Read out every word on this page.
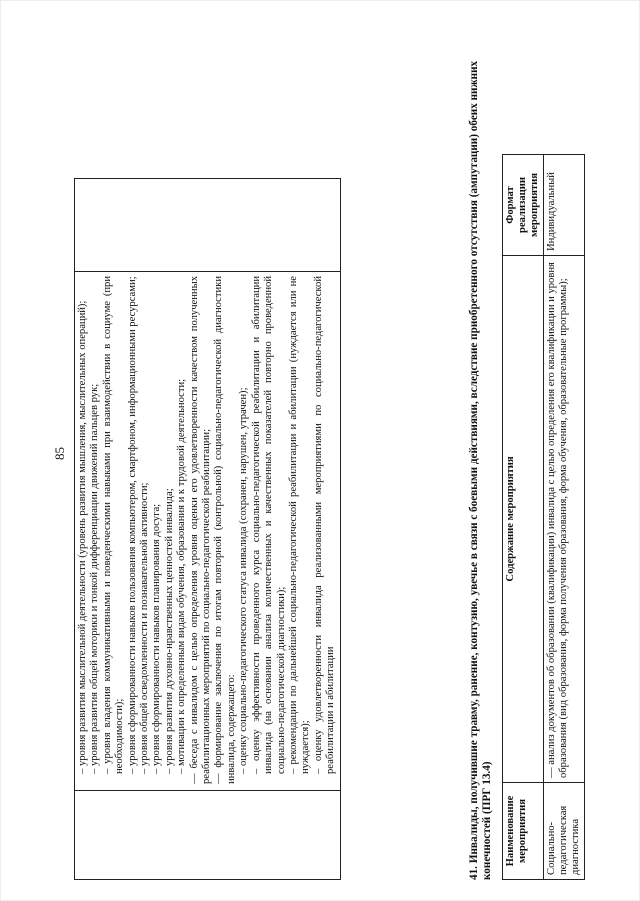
85
	– уровня развития мыслительной деятельности (уровень развития мышления, мыслительных операций); – уровня развития общей моторики и тонкой дифференциации движений пальцев рук; – уровня владения коммуникативными и поведенческими навыками при взаимодействии в социуме (при необходимости); – уровня сформированности навыков пользования компьютером, смартфоном, информационными ресурсами; – уровня общей осведомленности и познавательной активности; – уровня сформированности навыков планирования досуга; – уровня развития духовно-нравственных ценностей инвалида; – мотивации к определенным видам обучения, образования и к трудовой деятельности; — беседа с инвалидом с целью определения уровня оценки его удовлетворенности качеством полученных реабилитационных мероприятий по социально-педагогической реабилитации; — формирование заключения по итогам повторной (контрольной) социально-педагогической диагностики инвалида, содержащего: – оценку социально-педагогического статуса инвалида (сохранен, нарушен, утрачен); – оценку эффективности проведенного курса социально-педагогической реабилитации и абилитации инвалида (на основании анализа количественных и качественных показателей повторно проведенной социально-педагогической диагностики); – рекомендации по дальнейшей социально-педагогической реабилитации и абилитации (нуждается или не нуждается); – оценку удовлетворенности инвалида реализованными мероприятиями по социально-педагогической реабилитации и абилитации

		41. Инвалиды, получившие травму, ранение, контузию, увечье в связи с боевыми действиями, вследствие приобретенного отсутствия (ампутации) обеих нижних конечностей (ПРГ 13.4) Наименование мероприятия	Содержание мероприятия	Формат реализации мероприятия
Социально-педагогическая диагностика	— анализ документов об образовании (квалификации) инвалида с целью определения его квалификации и уровня образования (вид образования, форма получения образования, форма обучения, образовательные программы);	Индивидуальный
